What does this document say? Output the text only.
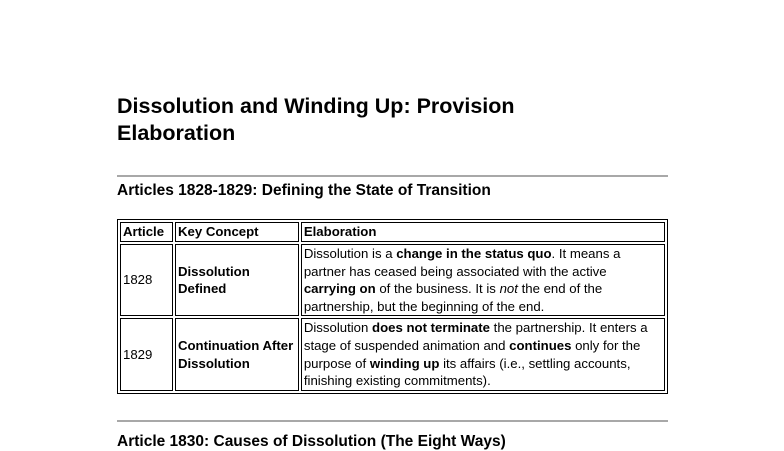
Dissolution and Winding Up: Provision Elaboration
Articles 1828-1829: Defining the State of Transition
Article	Key Concept	Elaboration
1828	Dissolution Defined	Dissolution is a change in the status quo. It means a partner has ceased being associated with the active carrying on of the business. It is not the end of the partnership, but the beginning of the end.
1829	Continuation After Dissolution	Dissolution does not terminate the partnership. It enters a stage of suspended animation and continues only for the purpose of winding up its affairs (i.e., settling accounts, finishing existing commitments).
Article 1830: Causes of Dissolution (The Eight Ways)
